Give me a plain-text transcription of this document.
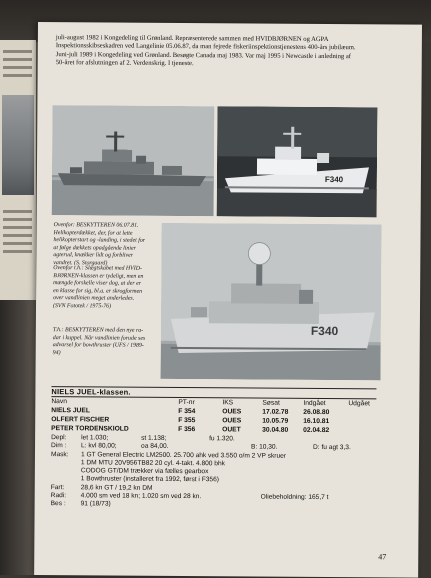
juli-august 1982 i Kongedeling til Grønland. Repræsenterede sammen med HVIDBJØRNEN og AGPA
Inspektionsskibseskadren ved Langelinie 05.06.87, da man fejrede fiskeriinspektionstjenestens 400-års jubilæum.
Juni-juli 1989 i Kongedeling ved Grønland. Besøgte Canada maj 1983. Var maj 1995 i Newcastle i anledning af
50-året for afslutningen af 2. Verdenskrig. I tjeneste.

F340
F340

Ovenfor: BESKYTTEREN 06.07.81.
Helikopterdækket, der, for at lette
helikopterstart og -landing, i stedet for
at følge dækkets opadgående linier
agterud, knækker lidt og forbliver
vandret. (S. Storgaard)

Ovenfor t.h.: Slægtskabet med HVID-
BJØRNEN-klassen er tydeligt, men en
mængde forskelle viser dog, at der er
en klasse for sig, bl.a. er skrogformen
over vandlinien meget anderledes.
(SVN Fototek / 1975-76)

T.h.: BESKYTTEREN med den nye ra-
dar i kuppel. Når vandlinien forude ses
advarsel for bowthruster (UFS / 1989-
94)

NIELS JUEL-klassen.

Navn	PT-nr	IKS	Søsat	Indgået	Udgået
NIELS JUEL	F 354	OUES	17.02.78 26.08.80
OLFERT FISCHER	F 355	OUES	10.05.79 16.10.81
PETER TORDENSKIOLD	F 356	OUET	30.04.80 02.04.82
Depl: let 1.030;	st 1.138;	fu 1.320.
Dim : L: kvl 80,00;	oa 84,00.	B: 10,30.	D: fu agt 3,3.
Mask: 1 GT General Electric LM2500. 25.700 ahk ved 3.550 o/m 2 VP skruer
1 DM MTU 20V956TB82 20 cyl. 4-takt. 4.800 bhk
CODOG GT/DM trækker via fælles gearbox
1 Bowthruster (installeret fra 1992, først i F356)
Fart: 28,6 kn GT / 19,2 kn DM
Radi: 4.000 sm ved 18 kn; 1.020 sm ved 28 kn.	Oliebeholdning: 165,7 t
Bes : 91 (18/73)

47
